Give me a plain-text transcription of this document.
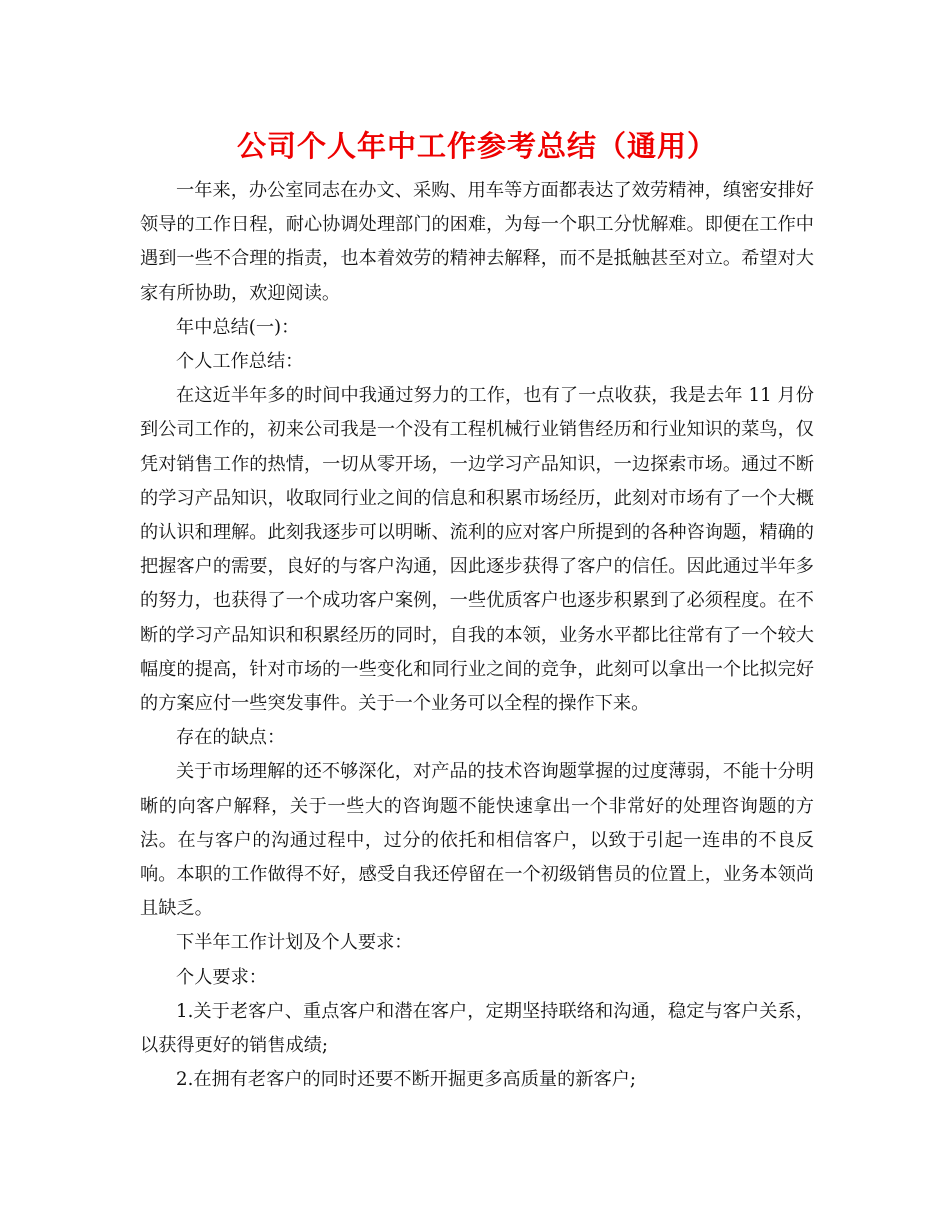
公司个人年中工作参考总结（通用）

一年来，办公室同志在办文、采购、用车等方面都表达了效劳精神，缜密安排好领导的工作日程，耐心协调处理部门的困难，为每一个职工分忧解难。即便在工作中遇到一些不合理的指责，也本着效劳的精神去解释，而不是抵触甚至对立。希望对大家有所协助，欢迎阅读。

年中总结(一)：

个人工作总结：

在这近半年多的时间中我通过努力的工作，也有了一点收获，我是去年 11 月份到公司工作的，初来公司我是一个没有工程机械行业销售经历和行业知识的菜鸟，仅凭对销售工作的热情，一切从零开场，一边学习产品知识，一边探索市场。通过不断的学习产品知识，收取同行业之间的信息和积累市场经历，此刻对市场有了一个大概的认识和理解。此刻我逐步可以明晰、流利的应对客户所提到的各种咨询题，精确的把握客户的需要，良好的与客户沟通，因此逐步获得了客户的信任。因此通过半年多的努力，也获得了一个成功客户案例，一些优质客户也逐步积累到了必须程度。在不断的学习产品知识和积累经历的同时，自我的本领，业务水平都比往常有了一个较大幅度的提高，针对市场的一些变化和同行业之间的竞争，此刻可以拿出一个比拟完好的方案应付一些突发事件。关于一个业务可以全程的操作下来。

存在的缺点：

关于市场理解的还不够深化，对产品的技术咨询题掌握的过度薄弱，不能十分明晰的向客户解释，关于一些大的咨询题不能快速拿出一个非常好的处理咨询题的方法。在与客户的沟通过程中，过分的依托和相信客户，以致于引起一连串的不良反响。本职的工作做得不好，感受自我还停留在一个初级销售员的位置上，业务本领尚且缺乏。

下半年工作计划及个人要求：

个人要求：

1.关于老客户、重点客户和潜在客户，定期坚持联络和沟通，稳定与客户关系，以获得更好的销售成绩;

2.在拥有老客户的同时还要不断开掘更多高质量的新客户;
